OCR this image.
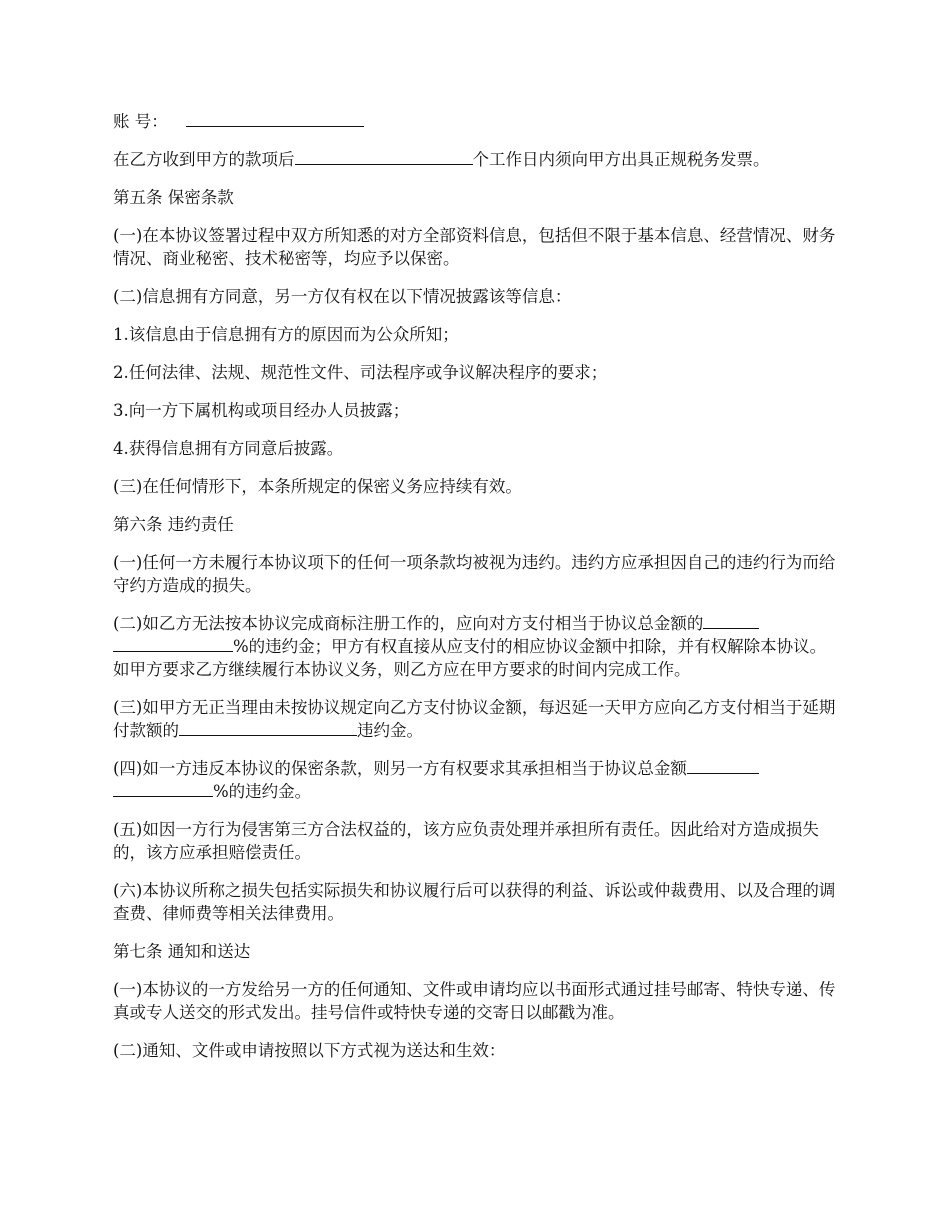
账 号：

在乙方收到甲方的款项后	个工作日内须向甲方出具正规税务发票。

第五条 保密条款

(一)在本协议签署过程中双方所知悉的对方全部资料信息，包括但不限于基本信息、经营情况、财务情况、商业秘密、技术秘密等，均应予以保密。

(二)信息拥有方同意，另一方仅有权在以下情况披露该等信息：

1.该信息由于信息拥有方的原因而为公众所知；

2.任何法律、法规、规范性文件、司法程序或争议解决程序的要求；

3.向一方下属机构或项目经办人员披露；

4.获得信息拥有方同意后披露。

(三)在任何情形下，本条所规定的保密义务应持续有效。

第六条 违约责任

(一)任何一方未履行本协议项下的任何一项条款均被视为违约。违约方应承担因自己的违约行为而给守约方造成的损失。

(二)如乙方无法按本协议完成商标注册工作的，应向对方支付相当于协议总金额的
%的违约金；甲方有权直接从应支付的相应协议金额中扣除，并有权解除本协议。如甲方要求乙方继续履行本协议义务，则乙方应在甲方要求的时间内完成工作。

(三)如甲方无正当理由未按协议规定向乙方支付协议金额，每迟延一天甲方应向乙方支付相当于延期付款额的	违约金。

(四)如一方违反本协议的保密条款，则另一方有权要求其承担相当于协议总金额
%的违约金。

(五)如因一方行为侵害第三方合法权益的，该方应负责处理并承担所有责任。因此给对方造成损失的，该方应承担赔偿责任。

(六)本协议所称之损失包括实际损失和协议履行后可以获得的利益、诉讼或仲裁费用、以及合理的调查费、律师费等相关法律费用。

第七条 通知和送达

(一)本协议的一方发给另一方的任何通知、文件或申请均应以书面形式通过挂号邮寄、特快专递、传真或专人送交的形式发出。挂号信件或特快专递的交寄日以邮戳为准。

(二)通知、文件或申请按照以下方式视为送达和生效：
